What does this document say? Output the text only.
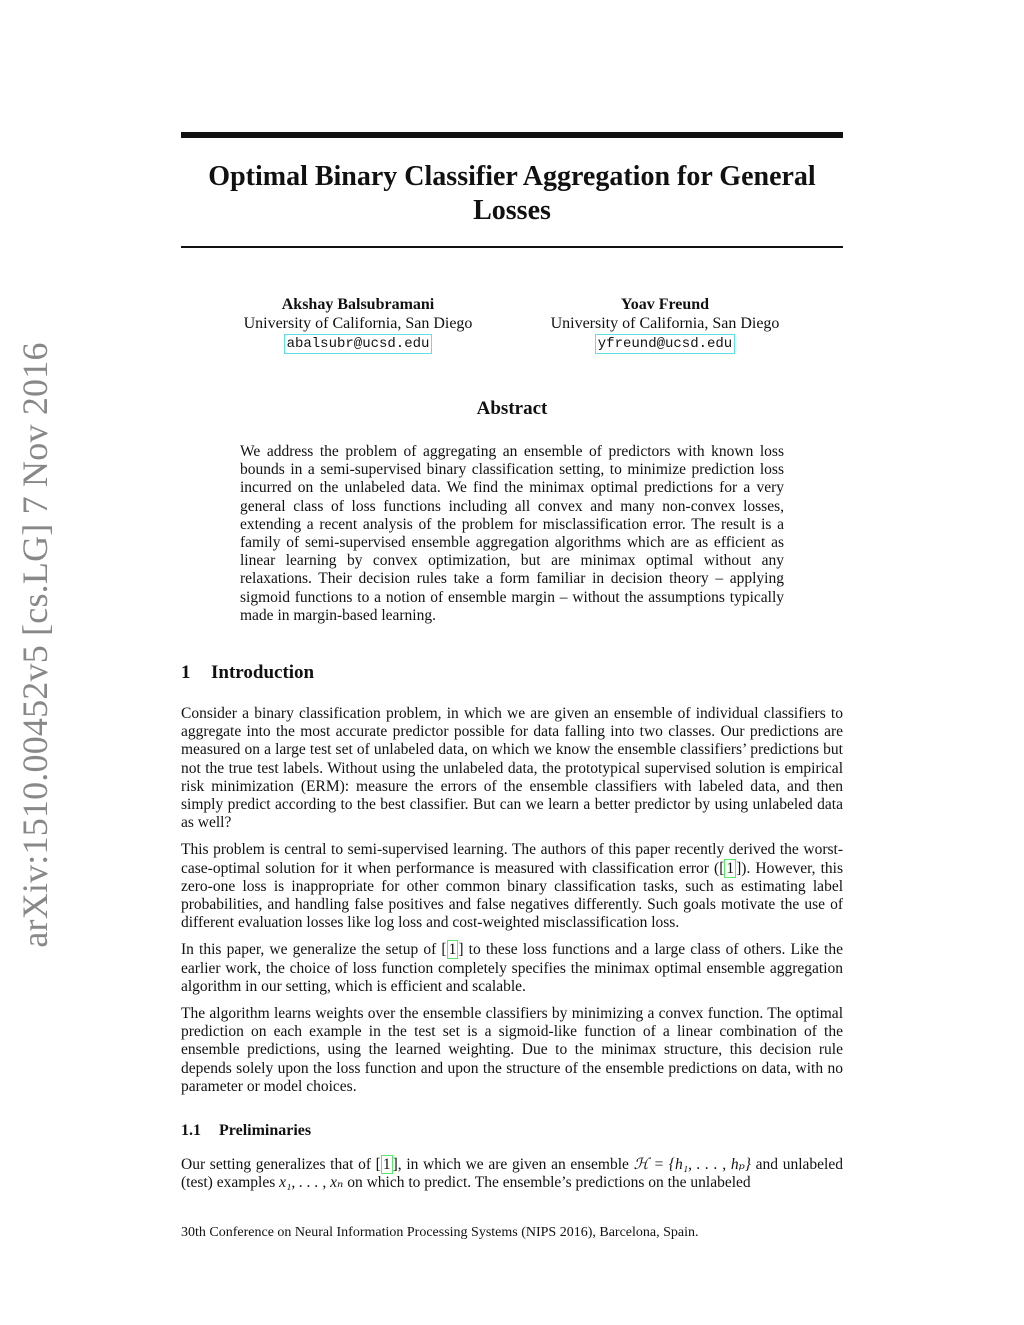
arXiv:1510.00452v5 [cs.LG] 7 Nov 2016
Optimal Binary Classifier Aggregation for General Losses
Akshay Balsubramani
University of California, San Diego
abalsubr@ucsd.edu
Yoav Freund
University of California, San Diego
yfreund@ucsd.edu
Abstract
We address the problem of aggregating an ensemble of predictors with known loss bounds in a semi-supervised binary classification setting, to minimize prediction loss incurred on the unlabeled data. We find the minimax optimal predictions for a very general class of loss functions including all convex and many non-convex losses, extending a recent analysis of the problem for misclassification error. The result is a family of semi-supervised ensemble aggregation algorithms which are as efficient as linear learning by convex optimization, but are minimax optimal without any relaxations. Their decision rules take a form familiar in decision theory – applying sigmoid functions to a notion of ensemble margin – without the assumptions typically made in margin-based learning.
1 Introduction

Consider a binary classification problem, in which we are given an ensemble of individual classifiers to aggregate into the most accurate predictor possible for data falling into two classes. Our predictions are measured on a large test set of unlabeled data, on which we know the ensemble classifiers’ predictions but not the true test labels. Without using the unlabeled data, the prototypical supervised solution is empirical risk minimization (ERM): measure the errors of the ensemble classifiers with labeled data, and then simply predict according to the best classifier. But can we learn a better predictor by using unlabeled data as well?

This problem is central to semi-supervised learning. The authors of this paper recently derived the worst-case-optimal solution for it when performance is measured with classification error ([ 1 ]). However, this zero-one loss is inappropriate for other common binary classification tasks, such as estimating label probabilities, and handling false positives and false negatives differently. Such goals motivate the use of different evaluation losses like log loss and cost-weighted misclassification loss.

In this paper, we generalize the setup of [ 1 ] to these loss functions and a large class of others. Like the earlier work, the choice of loss function completely specifies the minimax optimal ensemble aggregation algorithm in our setting, which is efficient and scalable.

The algorithm learns weights over the ensemble classifiers by minimizing a convex function. The optimal prediction on each example in the test set is a sigmoid-like function of a linear combination of the ensemble predictions, using the learned weighting. Due to the minimax structure, this decision rule depends solely upon the loss function and upon the structure of the ensemble predictions on data, with no parameter or model choices.

1.1 Preliminaries
Our setting generalizes that of [ 1 ], in which we are given an ensemble ℋ = {h₁, . . . , hₚ} and unlabeled (test) examples x₁, . . . , xₙ on which to predict. The ensemble’s predictions on the unlabeled
30th Conference on Neural Information Processing Systems (NIPS 2016), Barcelona, Spain.
